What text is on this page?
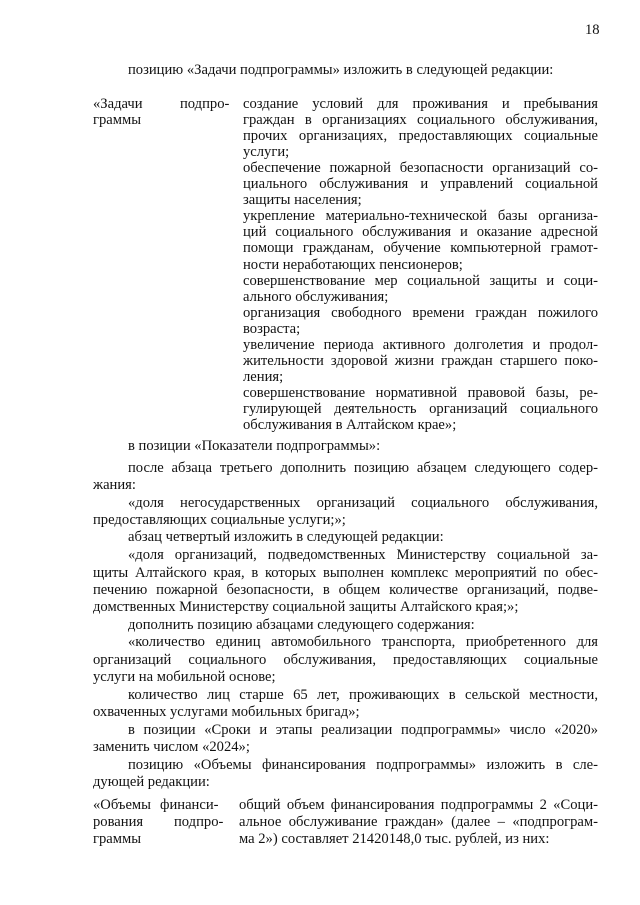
18
позицию «Задачи подпрограммы» изложить в следующей редакции:
«Задачи	подпро-
граммы
создание условий для проживания и пребывания
граждан в организациях социального обслуживания,
прочих организациях, предоставляющих социальные
услуги;
обеспечение пожарной безопасности организаций со-
циального обслуживания и управлений социальной
защиты населения;
укрепление материально-технической базы организа-
ций социального обслуживания и оказание адресной
помощи гражданам, обучение компьютерной грамот-
ности неработающих пенсионеров;
совершенствование мер социальной защиты и соци-
ального обслуживания;
организация свободного времени граждан пожилого
возраста;
увеличение периода активного долголетия и продол-
жительности здоровой жизни граждан старшего поко-
ления;
совершенствование нормативной правовой базы, ре-
гулирующей деятельность организаций социального
обслуживания в Алтайском крае»;
в позиции «Показатели подпрограммы»:
после абзаца третьего дополнить позицию абзацем следующего содер-
жания:
«доля негосударственных организаций социального обслуживания,
предоставляющих социальные услуги;»;
абзац четвертый изложить в следующей редакции:
«доля организаций, подведомственных Министерству социальной за-
щиты Алтайского края, в которых выполнен комплекс мероприятий по обес-
печению пожарной безопасности, в общем количестве организаций, подве-
домственных Министерству социальной защиты Алтайского края;»;
дополнить позицию абзацами следующего содержания:
«количество единиц автомобильного транспорта, приобретенного для
организаций социального обслуживания, предоставляющих социальные
услуги на мобильной основе;
количество лиц старше 65 лет, проживающих в сельской местности,
охваченных услугами мобильных бригад»;
в позиции «Сроки и этапы реализации подпрограммы» число «2020»
заменить числом «2024»;
позицию «Объемы финансирования подпрограммы» изложить в сле-
дующей редакции:
«Объемы финанси-
рования подпро-
граммы
общий объем финансирования подпрограммы 2 «Соци-
альное обслуживание граждан» (далее – «подпрограм-
ма 2») составляет 21420148,0 тыс. рублей, из них:
